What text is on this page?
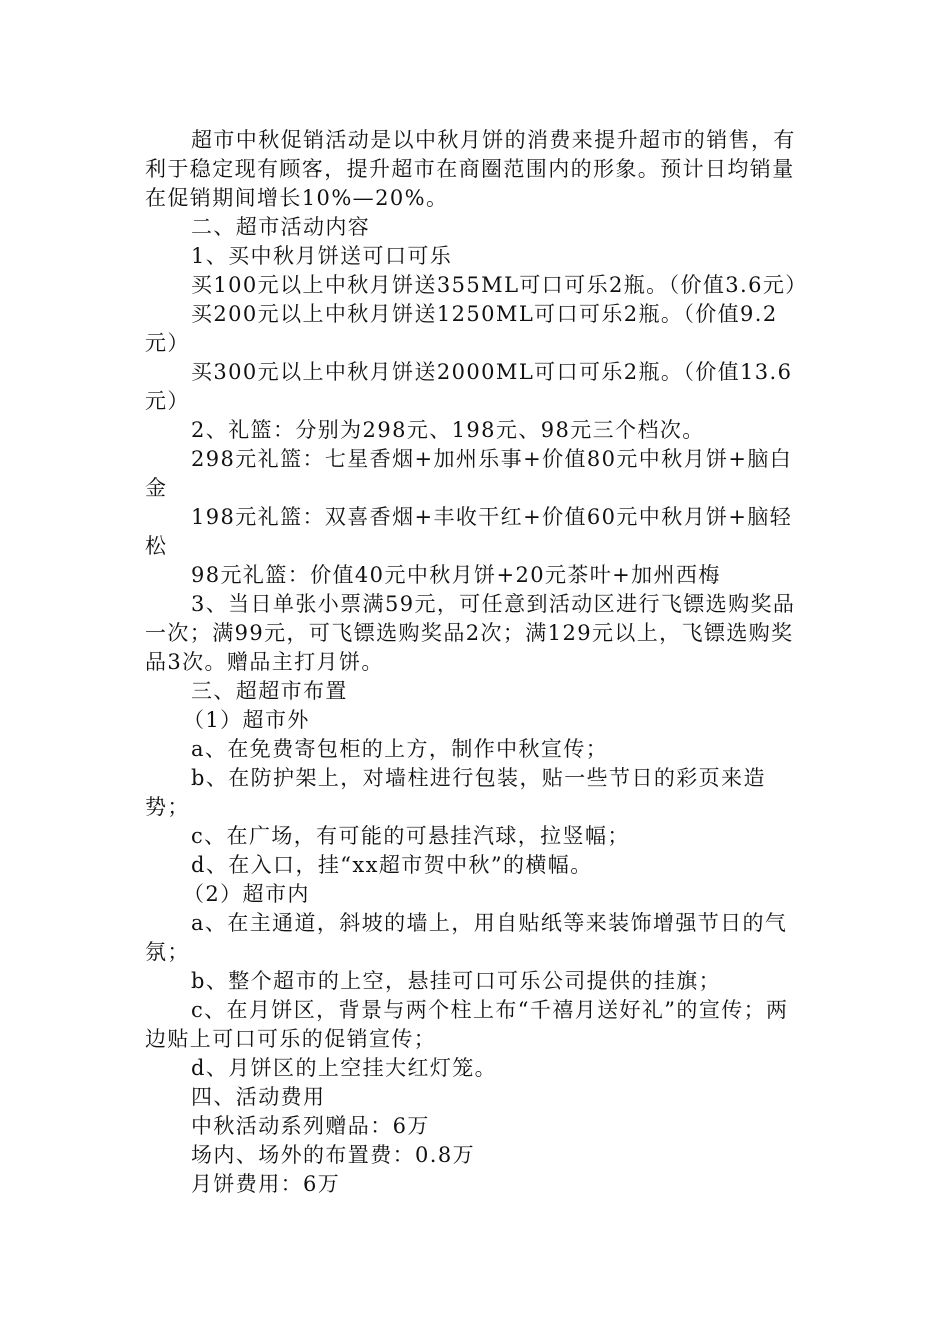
超市中秋促销活动是以中秋月饼的消费来提升超市的销售，有利于稳定现有顾客，提升超市在商圈范围内的形象。预计日均销量在促销期间增长10%—20%。

二、超市活动内容

1、买中秋月饼送可口可乐

买100元以上中秋月饼送355ML可口可乐2瓶。（价值3.6元）

买200元以上中秋月饼送1250ML可口可乐2瓶。（价值9.2元）

买300元以上中秋月饼送2000ML可口可乐2瓶。（价值13.6元）

2、礼篮：分别为298元、198元、98元三个档次。

298元礼篮：七星香烟+加州乐事+价值80元中秋月饼+脑白金

198元礼篮：双喜香烟+丰收干红+价值60元中秋月饼+脑轻松

98元礼篮：价值40元中秋月饼+20元茶叶+加州西梅

3、当日单张小票满59元，可任意到活动区进行飞镖选购奖品一次；满99元，可飞镖选购奖品2次；满129元以上，飞镖选购奖品3次。赠品主打月饼。

三、超超市布置

（1）超市外

a、在免费寄包柜的上方，制作中秋宣传；

b、在防护架上，对墙柱进行包装，贴一些节日的彩页来造势；

c、在广场，有可能的可悬挂汽球，拉竖幅；

d、在入口，挂“xx超市贺中秋”的横幅。

（2）超市内

a、在主通道，斜坡的墙上，用自贴纸等来装饰增强节日的气氛；

b、整个超市的上空，悬挂可口可乐公司提供的挂旗；

c、在月饼区，背景与两个柱上布“千禧月送好礼”的宣传；两边贴上可口可乐的促销宣传；

d、月饼区的上空挂大红灯笼。

四、活动费用

中秋活动系列赠品：6万

场内、场外的布置费：0.8万

月饼费用：6万
